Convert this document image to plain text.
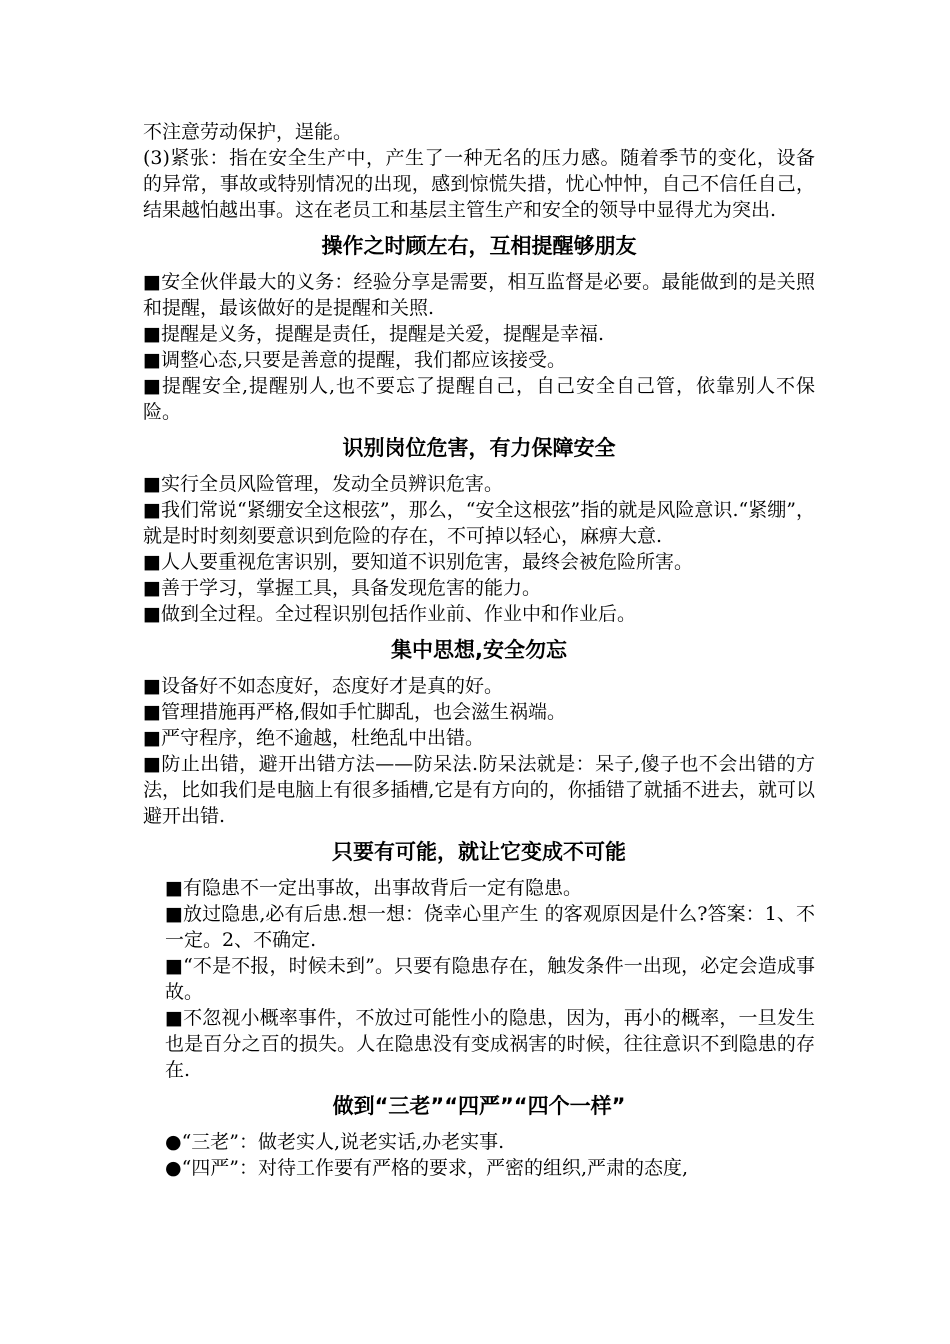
不注意劳动保护，逞能。

(3)紧张：指在安全生产中，产生了一种无名的压力感。随着季节的变化，设备的异常，事故或特别情况的出现，感到惊慌失措，忧心忡忡，自己不信任自己，结果越怕越出事。这在老员工和基层主管生产和安全的领导中显得尤为突出.

操作之时顾左右，互相提醒够朋友

■安全伙伴最大的义务：经验分享是需要，相互监督是必要。最能做到的是关照和提醒，最该做好的是提醒和关照.

■提醒是义务，提醒是责任，提醒是关爱，提醒是幸福.

■调整心态,只要是善意的提醒，我们都应该接受。

■提醒安全,提醒别人,也不要忘了提醒自己，自己安全自己管，依靠别人不保险。

识别岗位危害，有力保障安全

■实行全员风险管理，发动全员辨识危害。

■我们常说“紧绷安全这根弦”，那么，“安全这根弦”指的就是风险意识.“紧绷”，就是时时刻刻要意识到危险的存在，不可掉以轻心，麻痹大意.

■人人要重视危害识别，要知道不识别危害，最终会被危险所害。

■善于学习，掌握工具，具备发现危害的能力。

■做到全过程。全过程识别包括作业前、作业中和作业后。

集中思想,安全勿忘

■设备好不如态度好，态度好才是真的好。

■管理措施再严格,假如手忙脚乱，也会滋生祸端。

■严守程序，绝不逾越，杜绝乱中出错。

■防止出错，避开出错方法——防呆法.防呆法就是：呆子,傻子也不会出错的方法，比如我们是电脑上有很多插槽,它是有方向的，你插错了就插不进去，就可以避开出错.

只要有可能，就让它变成不可能

■有隐患不一定出事故，出事故背后一定有隐患。

■放过隐患,必有后患.想一想：侥幸心里产生 的客观原因是什么?答案：1、不一定。2、不确定.

■“不是不报，时候未到”。只要有隐患存在，触发条件一出现，必定会造成事故。

■不忽视小概率事件，不放过可能性小的隐患，因为，再小的概率，一旦发生也是百分之百的损失。人在隐患没有变成祸害的时候，往往意识不到隐患的存在.

做到“三老”“四严”“四个一样”

●“三老”：做老实人,说老实话,办老实事.

●“四严”：对待工作要有严格的要求，严密的组织,严肃的态度,
